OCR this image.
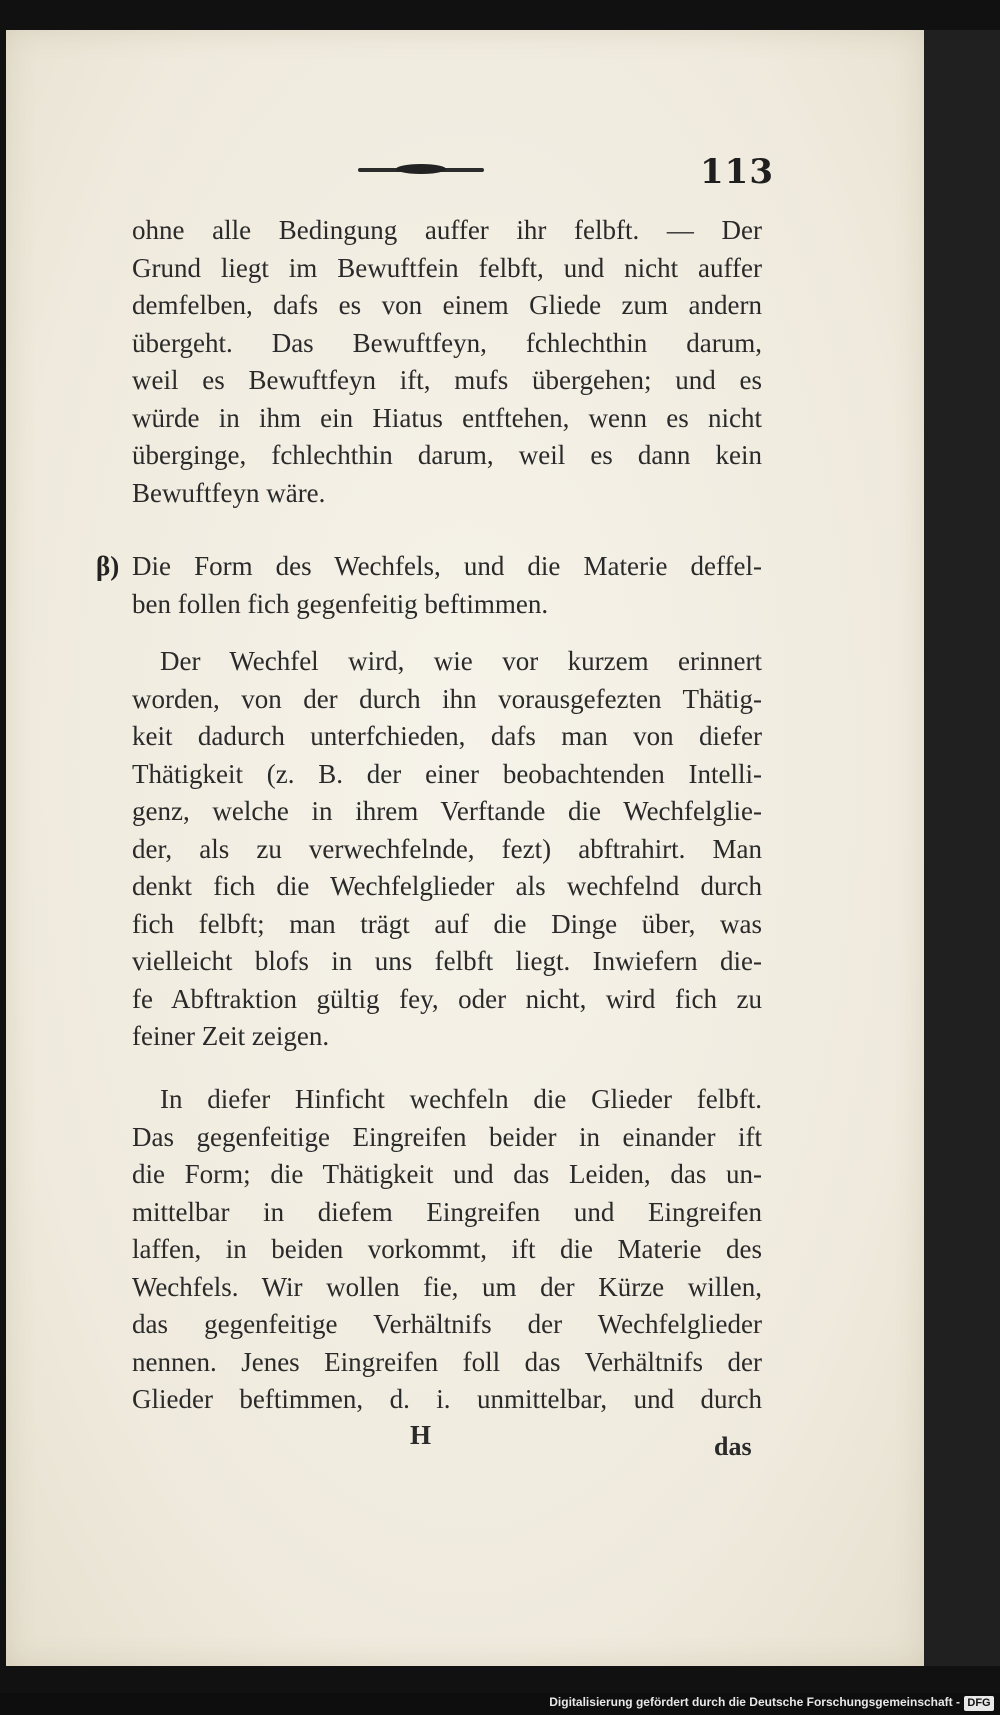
113
ohne alle Bedingung auffer ihr felbft. — Der
Grund liegt im Bewuftfein felbft, und nicht auffer
demfelben, dafs es von einem Gliede zum andern
übergeht. Das Bewuftfeyn, fchlechthin darum,
weil es Bewuftfeyn ift, mufs übergehen; und es
würde in ihm ein Hiatus entftehen, wenn es nicht
überginge, fchlechthin darum, weil es dann kein
Bewuftfeyn wäre.
β) Die Form des Wechfels, und die Materie deffel-
ben follen fich gegenfeitig beftimmen.
Der Wechfel wird, wie vor kurzem erinnert
worden, von der durch ihn vorausgefezten Thätig-
keit dadurch unterfchieden, dafs man von diefer
Thätigkeit (z. B. der einer beobachtenden Intelli-
genz, welche in ihrem Verftande die Wechfelglie-
der, als zu verwechfelnde, fezt) abftrahirt. Man
denkt fich die Wechfelglieder als wechfelnd durch
fich felbft; man trägt auf die Dinge über, was
vielleicht blofs in uns felbft liegt. Inwiefern die-
fe Abftraktion gültig fey, oder nicht, wird fich zu
feiner Zeit zeigen.
In diefer Hinficht wechfeln die Glieder felbft.
Das gegenfeitige Eingreifen beider in einander ift
die Form; die Thätigkeit und das Leiden, das un-
mittelbar in diefem Eingreifen und Eingreifen
laffen, in beiden vorkommt, ift die Materie des
Wechfels. Wir wollen fie, um der Kürze willen,
das gegenfeitige Verhältnifs der Wechfelglieder
nennen. Jenes Eingreifen foll das Verhältnifs der
Glieder beftimmen, d. i. unmittelbar, und durch
H	das
Digitalisierung gefördert durch die Deutsche Forschungsgemeinschaft - DFG
